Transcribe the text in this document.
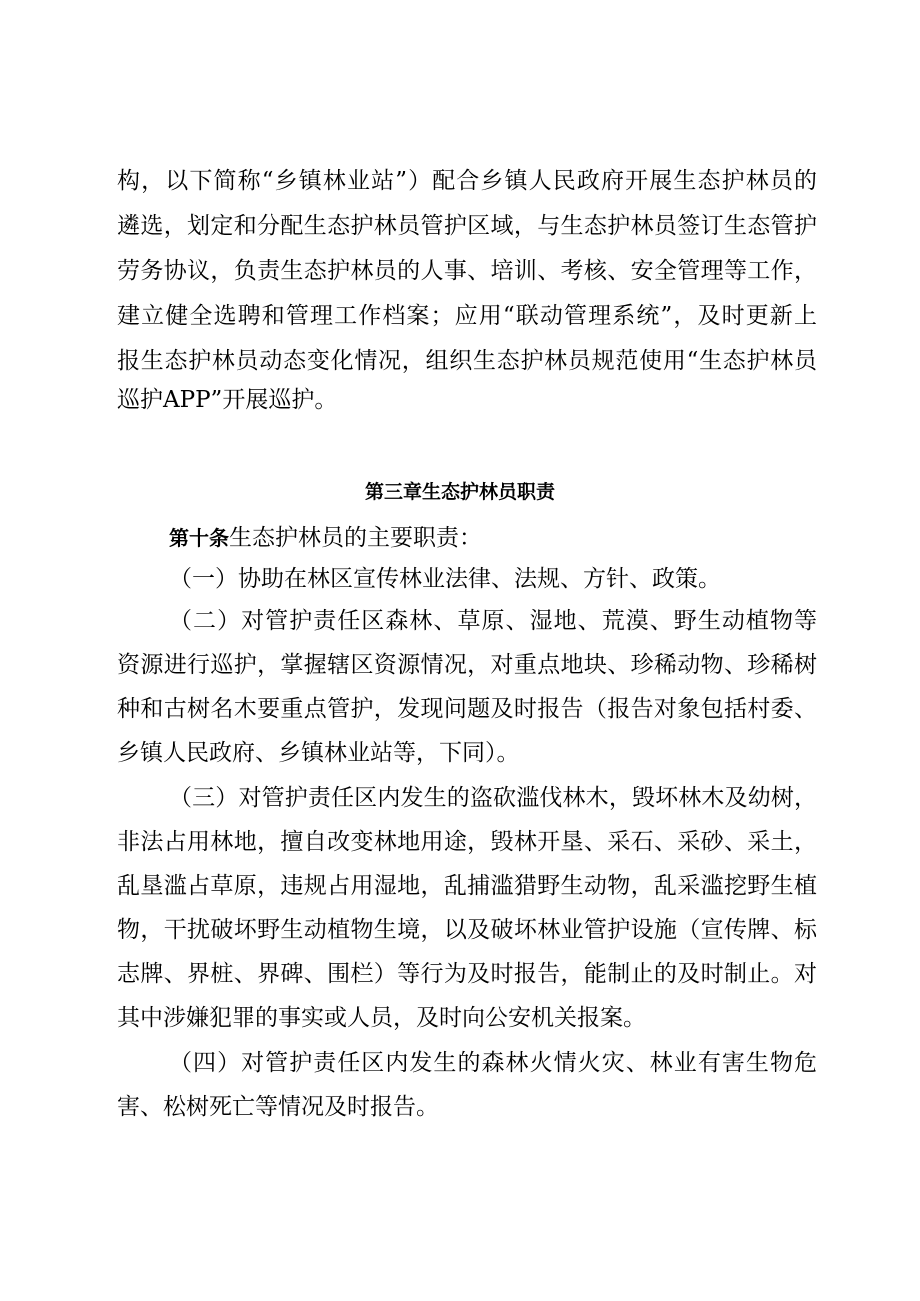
构，以下简称“乡镇林业站”）配合乡镇人民政府开展生态护林员的
遴选，划定和分配生态护林员管护区域，与生态护林员签订生态管护
劳务协议，负责生态护林员的人事、培训、考核、安全管理等工作，
建立健全选聘和管理工作档案；应用“联动管理系统”，及时更新上
报生态护林员动态变化情况，组织生态护林员规范使用“生态护林员
巡护APP”开展巡护。
第三章生态护林员职责
第十条生态护林员的主要职责：
（一）协助在林区宣传林业法律、法规、方针、政策。
（二）对管护责任区森林、草原、湿地、荒漠、野生动植物等
资源进行巡护，掌握辖区资源情况，对重点地块、珍稀动物、珍稀树
种和古树名木要重点管护，发现问题及时报告（报告对象包括村委、
乡镇人民政府、乡镇林业站等，下同）。
（三）对管护责任区内发生的盗砍滥伐林木，毁坏林木及幼树，
非法占用林地，擅自改变林地用途，毁林开垦、采石、采砂、采土，
乱垦滥占草原，违规占用湿地，乱捕滥猎野生动物，乱采滥挖野生植
物，干扰破坏野生动植物生境，以及破坏林业管护设施（宣传牌、标
志牌、界桩、界碑、围栏）等行为及时报告，能制止的及时制止。对
其中涉嫌犯罪的事实或人员，及时向公安机关报案。
（四）对管护责任区内发生的森林火情火灾、林业有害生物危
害、松树死亡等情况及时报告。
